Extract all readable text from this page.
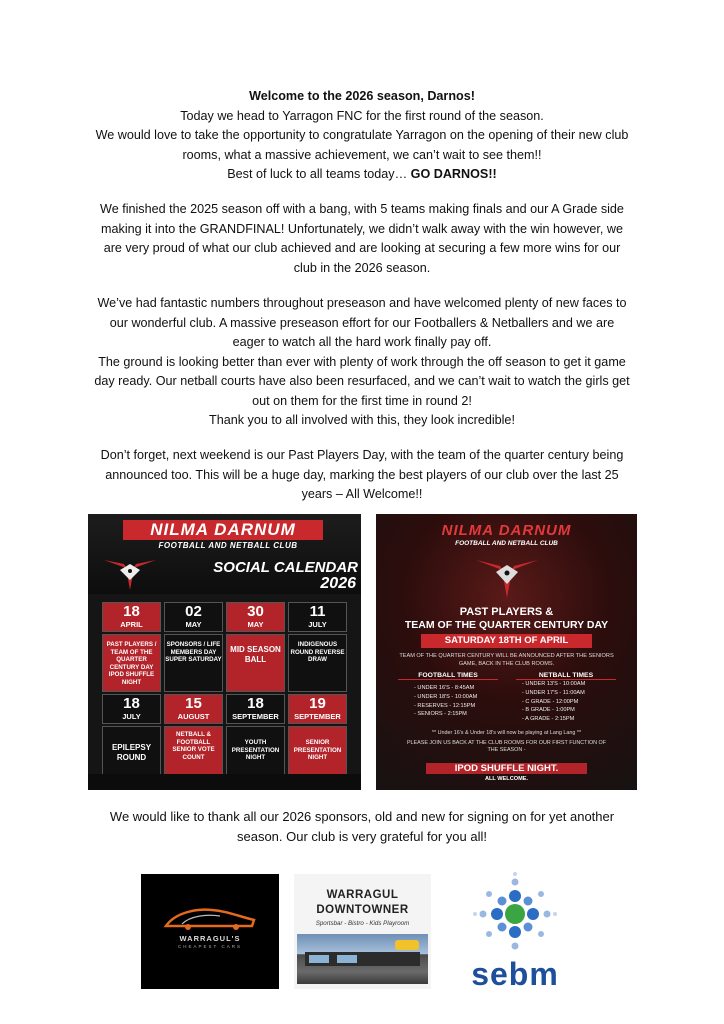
Welcome to the 2026 season, Darnos!

Today we head to Yarragon FNC for the first round of the season.

We would love to take the opportunity to congratulate Yarragon on the opening of their new club

rooms, what a massive achievement, we can’t wait to see them!!

Best of luck to all teams today… GO DARNOS!!

We finished the 2025 season off with a bang, with 5 teams making finals and our A Grade side

making it into the GRANDFINAL! Unfortunately, we didn’t walk away with the win however, we

are very proud of what our club achieved and are looking at securing a few more wins for our

club in the 2026 season.

We’ve had fantastic numbers throughout preseason and have welcomed plenty of new faces to

our wonderful club. A massive preseason effort for our Footballers & Netballers and we are

eager to watch all the hard work finally pay off.

The ground is looking better than ever with plenty of work through the off season to get it game

day ready. Our netball courts have also been resurfaced, and we can’t wait to watch the girls get

out on them for the first time in round 2!

Thank you to all involved with this, they look incredible!

Don’t forget, next weekend is our Past Players Day, with the team of the quarter century being

announced too. This will be a huge day, marking the best players of our club over the last 25

years – All Welcome!!

NILMA DARNUM
FOOTBALL AND NETBALL CLUB
SOCIAL CALENDAR
2026
18
APRIL
02
MAY
30
MAY
11
JULY
PAST PLAYERS / TEAM OF THE QUARTER CENTURY DAY IPOD SHUFFLE NIGHT
SPONSORS / LIFE MEMBERS DAY SUPER SATURDAY
MID SEASON BALL
INDIGENOUS ROUND REVERSE DRAW
18
JULY
15
AUGUST
18
SEPTEMBER
19
SEPTEMBER
EPILEPSY ROUND
NETBALL & FOOTBALL SENIOR VOTE COUNT
YOUTH PRESENTATION NIGHT
SENIOR PRESENTATION NIGHT
NILMA DARNUM
FOOTBALL AND NETBALL CLUB
PAST PLAYERS &
TEAM OF THE QUARTER CENTURY DAY
SATURDAY 18TH OF APRIL
TEAM OF THE QUARTER CENTURY WILL BE ANNOUNCED AFTER THE SENIORS GAME, BACK IN THE CLUB ROOMS.
FOOTBALL TIMES	NETBALL TIMES
- UNDER 16'S - 8:45AM
- UNDER 18'S - 10:00AM
- RESERVES - 12:15PM
- SENIORS - 2:15PM
- UNDER 13'S - 10:00AM
- UNDER 17'S - 11:00AM
- C GRADE - 12:00PM
- B GRADE - 1:00PM
- A GRADE - 2:15PM
** Under 16's & Under 18's will now be playing at Lang Lang **
PLEASE JOIN US BACK AT THE CLUB ROOMS FOR OUR FIRST FUNCTION OF THE SEASON -
IPOD SHUFFLE NIGHT.
ALL WELCOME.

We would like to thank all our 2026 sponsors, old and new for signing on for yet another

season. Our club is very grateful for you all!

WARRAGUL'S
CHEAPEST CARS
WARRAGUL
DOWNTOWNER
Sportsbar - Bistro - Kids Playroom
sebm
